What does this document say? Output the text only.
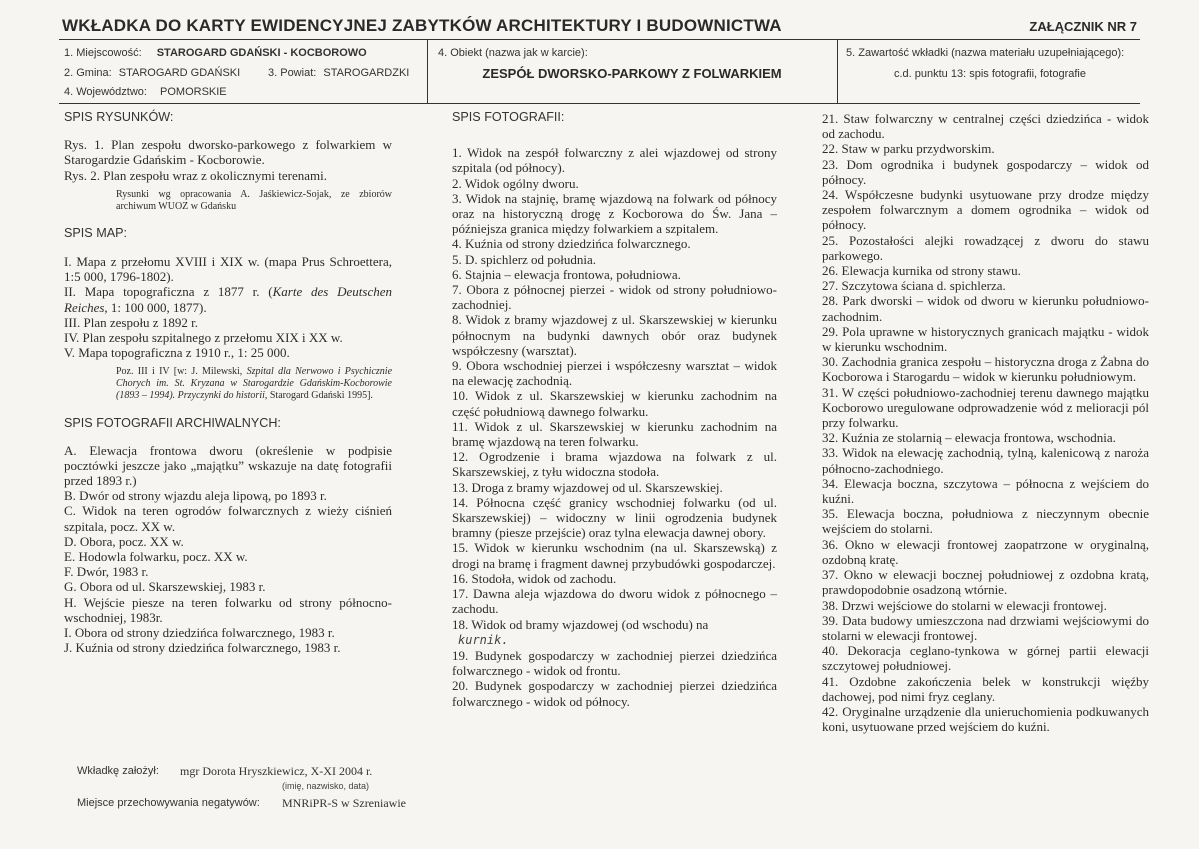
WKŁADKA DO KARTY EWIDENCYJNEJ ZABYTKÓW ARCHITEKTURY I BUDOWNICTWA	ZAŁĄCZNIK NR 7
1. Miejscowość: STAROGARD GDAŃSKI - KOCBOROWO
2. Gmina: STAROGARD GDAŃSKI	3. Powiat: STAROGARDZKI
4. Województwo: POMORSKIE
4. Obiekt (nazwa jak w karcie):
ZESPÓŁ DWORSKO-PARKOWY Z FOLWARKIEM
5. Zawartość wkładki (nazwa materiału uzupełniającego):
c.d. punktu 13: spis fotografii, fotografie

SPIS RYSUNKÓW:

Rys. 1. Plan zespołu dworsko-parkowego z folwarkiem w Starogardzie Gdańskim - Kocborowie.

Rys. 2. Plan zespołu wraz z okolicznymi terenami.

Rysunki wg opracowania A. Jaśkiewicz-Sojak, ze zbiorów archiwum WUOZ w Gdańsku

SPIS MAP:

I. Mapa z przełomu XVIII i XIX w. (mapa Prus Schroettera, 1:5 000, 1796-1802).

II. Mapa topograficzna z 1877 r. (Karte des Deutschen Reiches, 1: 100 000, 1877).

III. Plan zespołu z 1892 r.

IV. Plan zespołu szpitalnego z przełomu XIX i XX w.

V. Mapa topograficzna z 1910 r., 1: 25 000.

Poz. III i IV [w: J. Milewski, Szpital dla Nerwowo i Psychicznie Chorych im. St. Kryzana w Starogardzie Gdańskim-Kocborowie (1893 – 1994). Przyczynki do historii, Starogard Gdański 1995].

SPIS FOTOGRAFII ARCHIWALNYCH:

A. Elewacja frontowa dworu (określenie w podpisie pocztówki jeszcze jako „majątku” wskazuje na datę fotografii przed 1893 r.)

B. Dwór od strony wjazdu aleja lipową, po 1893 r.

C. Widok na teren ogrodów folwarcznych z wieży ciśnień szpitala, pocz. XX w.

D. Obora, pocz. XX w.

E. Hodowla folwarku, pocz. XX w.

F. Dwór, 1983 r.

G. Obora od ul. Skarszewskiej, 1983 r.

H. Wejście piesze na teren folwarku od strony północno-wschodniej, 1983r.

I. Obora od strony dziedzińca folwarcznego, 1983 r.

J. Kuźnia od strony dziedzińca folwarcznego, 1983 r.

Wkładkę założył: mgr Dorota Hryszkiewicz, X-XI 2004 r.
(imię, nazwisko, data)
Miejsce przechowywania negatywów: MNRiPR-S w Szreniawie

SPIS FOTOGRAFII:

1. Widok na zespół folwarczny z alei wjazdowej od strony szpitala (od północy).

2. Widok ogólny dworu.

3. Widok na stajnię, bramę wjazdową na folwark od północy oraz na historyczną drogę z Kocborowa do Św. Jana – późniejsza granica między folwarkiem a szpitalem.

4. Kuźnia od strony dziedzińca folwarcznego.

5. D. spichlerz od południa.

6. Stajnia – elewacja frontowa, południowa.

7. Obora z północnej pierzei - widok od strony południowo-zachodniej.

8. Widok z bramy wjazdowej z ul. Skarszewskiej w kierunku północnym na budynki dawnych obór oraz budynek współczesny (warsztat).

9. Obora wschodniej pierzei i współczesny warsztat – widok na elewację zachodnią.

10. Widok z ul. Skarszewskiej w kierunku zachodnim na część południową dawnego folwarku.

11. Widok z ul. Skarszewskiej w kierunku zachodnim na bramę wjazdową na teren folwarku.

12. Ogrodzenie i brama wjazdowa na folwark z ul. Skarszewskiej, z tyłu widoczna stodoła.

13. Droga z bramy wjazdowej od ul. Skarszewskiej.

14. Północna część granicy wschodniej folwarku (od ul. Skarszewskiej) – widoczny w linii ogrodzenia budynek bramny (piesze przejście) oraz tylna elewacja dawnej obory.

15. Widok w kierunku wschodnim (na ul. Skarszewską) z drogi na bramę i fragment dawnej przybudówki gospodarczej.

16. Stodoła, widok od zachodu.

17. Dawna aleja wjazdowa do dworu widok z północnego – zachodu.

18. Widok od bramy wjazdowej (od wschodu) na
kurnik.

19. Budynek gospodarczy w zachodniej pierzei dziedzińca folwarcznego - widok od frontu.

20. Budynek gospodarczy w zachodniej pierzei dziedzińca folwarcznego - widok od północy.

21. Staw folwarczny w centralnej części dziedzińca - widok od zachodu.

22. Staw w parku przydworskim.

23. Dom ogrodnika i budynek gospodarczy – widok od północy.

24. Współczesne budynki usytuowane przy drodze między zespołem folwarcznym a domem ogrodnika – widok od północy.

25. Pozostałości alejki rowadzącej z dworu do stawu parkowego.

26. Elewacja kurnika od strony stawu.

27. Szczytowa ściana d. spichlerza.

28. Park dworski – widok od dworu w kierunku południowo-zachodnim.

29. Pola uprawne w historycznych granicach majątku - widok w kierunku wschodnim.

30. Zachodnia granica zespołu – historyczna droga z Żabna do Kocborowa i Starogardu – widok w kierunku południowym.

31. W części południowo-zachodniej terenu dawnego majątku Kocborowo uregulowane odprowadzenie wód z melioracji pól przy folwarku.

32. Kuźnia ze stolarnią – elewacja frontowa, wschodnia.

33. Widok na elewację zachodnią, tylną, kalenicową z narożа północno-zachodniego.

34. Elewacja boczna, szczytowa – północna z wejściem do kuźni.

35. Elewacja boczna, południowa z nieczynnym obecnie wejściem do stolarni.

36. Okno w elewacji frontowej zaopatrzone w oryginalną, ozdobną kratę.

37. Okno w elewacji bocznej południowej z ozdobna kratą, prawdopodobnie osadzoną wtórnie.

38. Drzwi wejściowe do stolarni w elewacji frontowej.

39. Data budowy umieszczona nad drzwiami wejściowymi do stolarni w elewacji frontowej.

40. Dekoracja ceglano-tynkowa w górnej partii elewacji szczytowej południowej.

41. Ozdobne zakończenia belek w konstrukcji więźby dachowej, pod nimi fryz ceglany.

42. Oryginalne urządzenie dla unieruchomienia podkuwanych koni, usytuowane przed wejściem do kuźni.
